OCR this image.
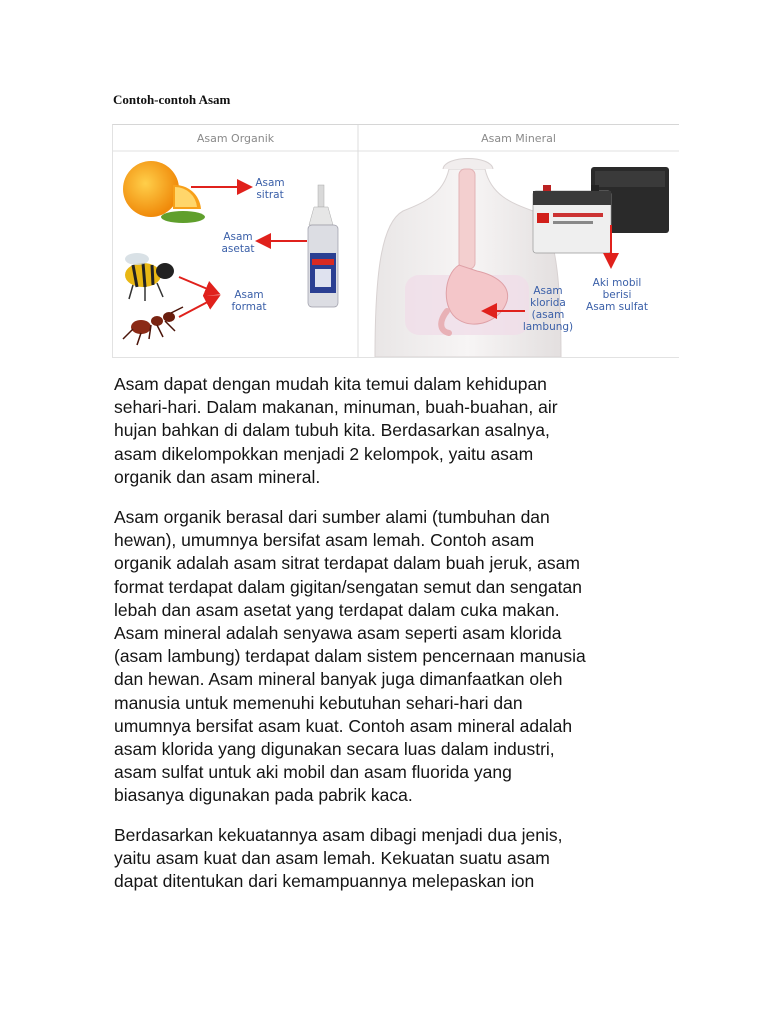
Contoh-contoh Asam
Asam Organik	Asam Mineral
Asam
sitrat
Asam
asetat
Asam
format
Asam
klorida
(asam
lambung)
Aki mobil
berisi
Asam sulfat

Asam dapat dengan mudah kita temui dalam kehidupan

sehari-hari. Dalam makanan, minuman, buah-buahan, air

hujan bahkan di dalam tubuh kita. Berdasarkan asalnya,

asam dikelompokkan menjadi 2 kelompok, yaitu asam

organik dan asam mineral.

Asam organik berasal dari sumber alami (tumbuhan dan

hewan), umumnya bersifat asam lemah. Contoh asam

organik adalah asam sitrat terdapat dalam buah jeruk, asam

format terdapat dalam gigitan/sengatan semut dan sengatan

lebah dan asam asetat yang terdapat dalam cuka makan.

Asam mineral adalah senyawa asam seperti asam klorida

(asam lambung) terdapat dalam sistem pencernaan manusia

dan hewan. Asam mineral banyak juga dimanfaatkan oleh

manusia untuk memenuhi kebutuhan sehari-hari dan

umumnya bersifat asam kuat. Contoh asam mineral adalah

asam klorida yang digunakan secara luas dalam industri,

asam sulfat untuk aki mobil dan asam fluorida yang

biasanya digunakan pada pabrik kaca.

Berdasarkan kekuatannya asam dibagi menjadi dua jenis,

yaitu asam kuat dan asam lemah. Kekuatan suatu asam

dapat ditentukan dari kemampuannya melepaskan ion
